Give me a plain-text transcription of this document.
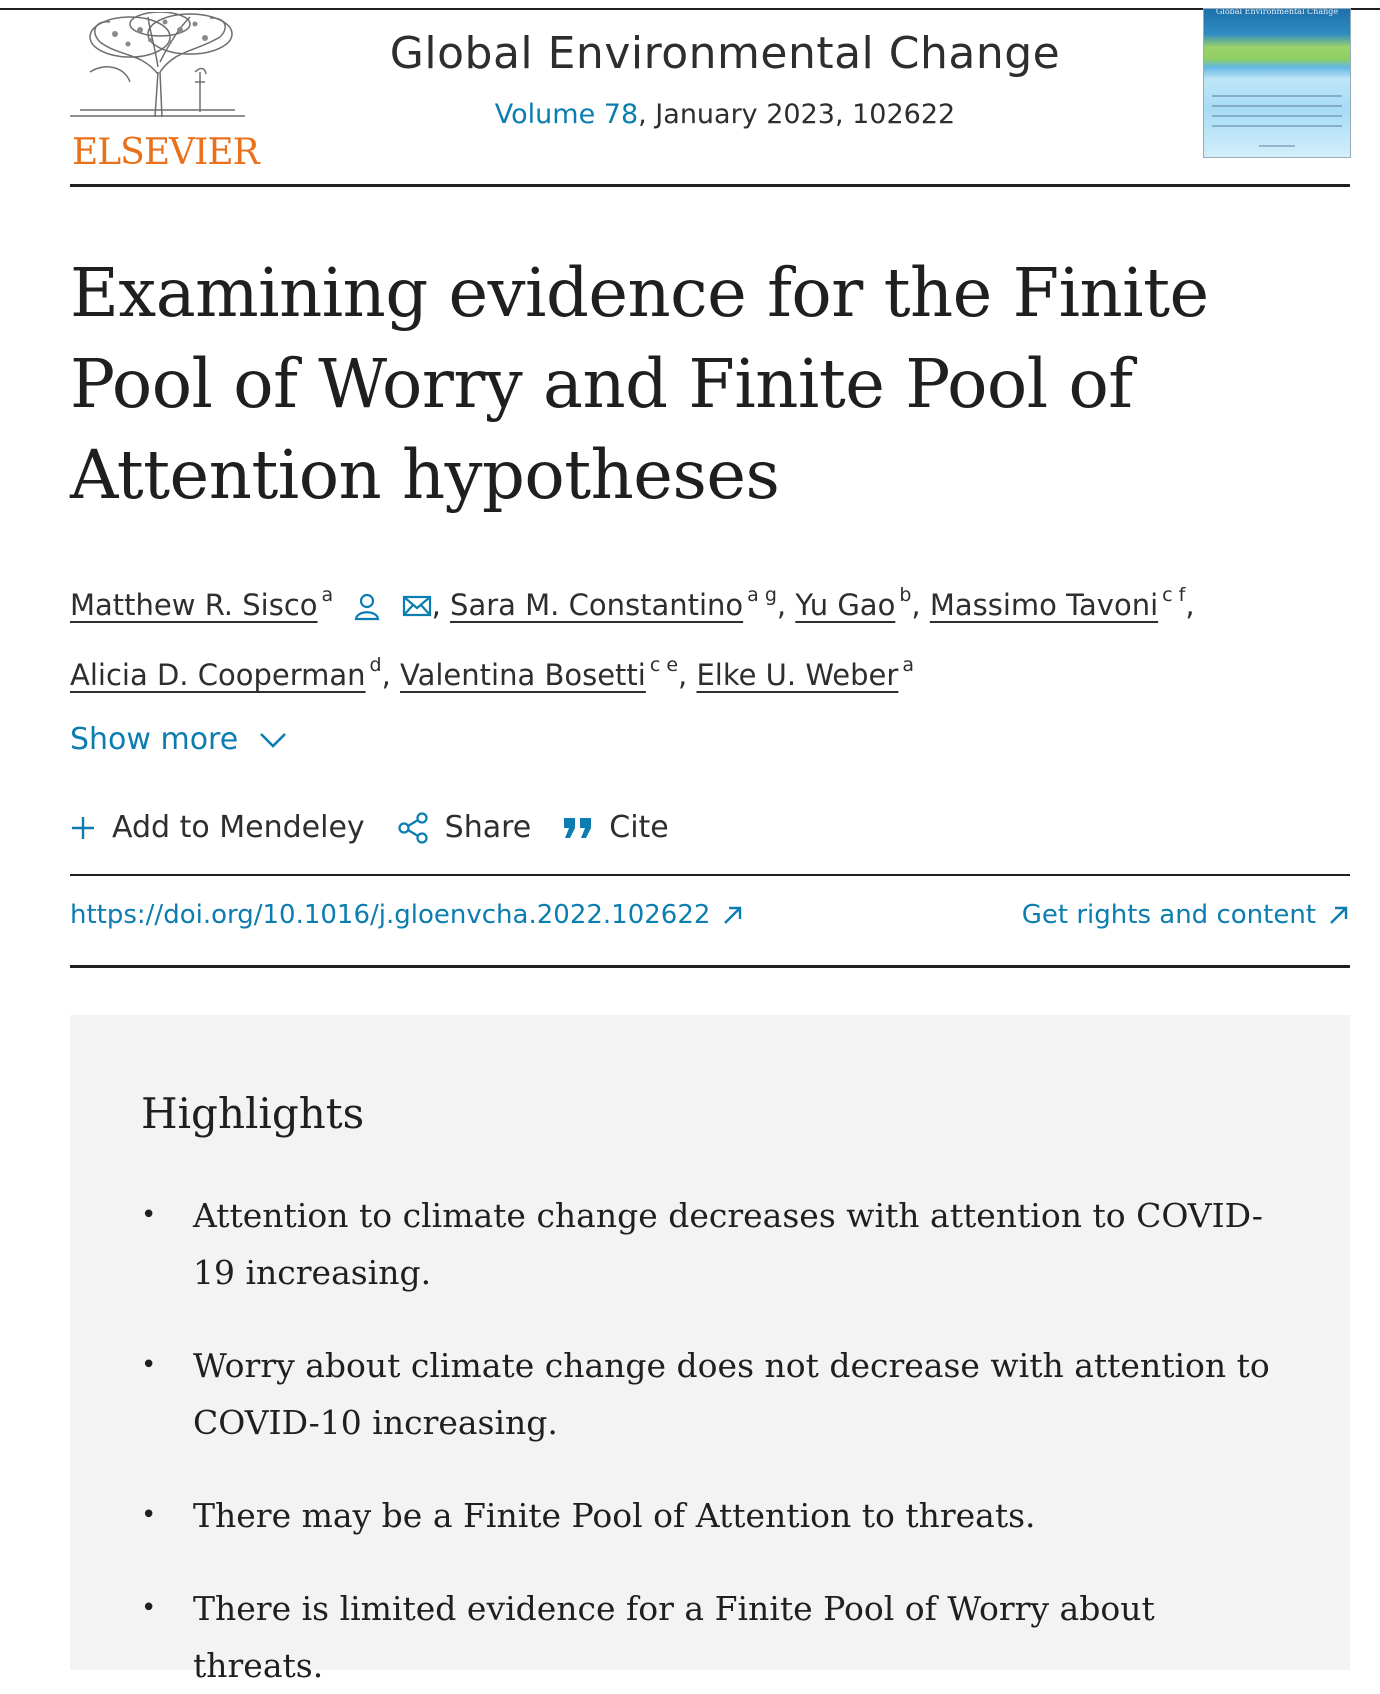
ELSEVIER
Global Environmental Change
Volume 78, January 2023, 102622
Global Environmental Change
Examining evidence for the Finite Pool of Worry and Finite Pool of Attention hypotheses
Matthew R. Sisco $^a$	, Sara M. Constantino $^{a g}$, Yu Gao $^b$, Massimo Tavoni $^{c f}$,
Alicia D. Cooperman $^d$, Valentina Bosetti $^{c e}$, Elke U. Weber $^a$
Show more
Add to Mendeley	Share	Cite
https://doi.org/10.1016/j.gloenvcha.2022.102622	Get rights and content
Highlights
• Attention to climate change decreases with attention to COVID-19 increasing.
• Worry about climate change does not decrease with attention to COVID-10 increasing.
• There may be a Finite Pool of Attention to threats.
• There is limited evidence for a Finite Pool of Worry about threats.
